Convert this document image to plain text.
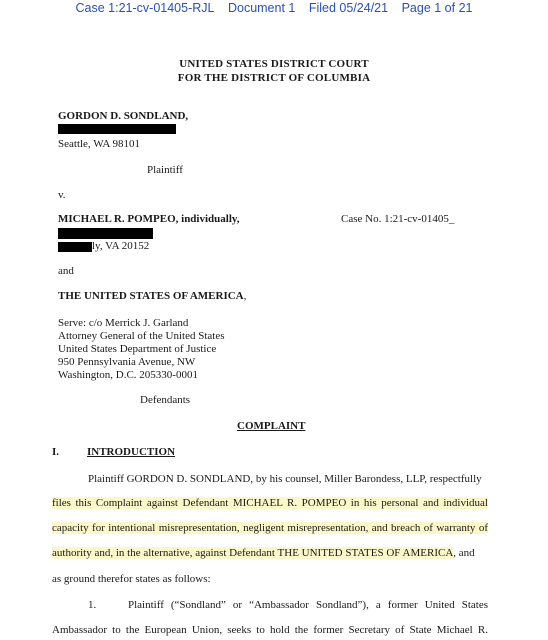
Case 1:21-cv-01405-RJL Document 1 Filed 05/24/21 Page 1 of 21
UNITED STATES DISTRICT COURT
FOR THE DISTRICT OF COLUMBIA
GORDON D. SONDLAND,
Seattle, WA 98101
Plaintiff
v.
MICHAEL R. POMPEO, individually,	Case No. 1:21-cv-01405_
ly, VA 20152
and
THE UNITED STATES OF AMERICA,
Serve: c/o Merrick J. Garland
Attorney General of the United States
United States Department of Justice
950 Pennsylvania Avenue, NW
Washington, D.C. 205330-0001
Defendants
COMPLAINT
I.	INTRODUCTION
Plaintiff GORDON D. SONDLAND, by his counsel, Miller Barondess, LLP, respectfully
files this Complaint against Defendant MICHAEL R. POMPEO in his personal and individual
capacity for intentional misrepresentation, negligent misrepresentation, and breach of warranty of
authority and, in the alternative, against Defendant THE UNITED STATES OF AMERICA, and
as ground therefor states as follows:
1.	Plaintiff (“Sondland” or “Ambassador Sondland”), a former United States
Ambassador to the European Union, seeks to hold the former Secretary of State Michael R.
